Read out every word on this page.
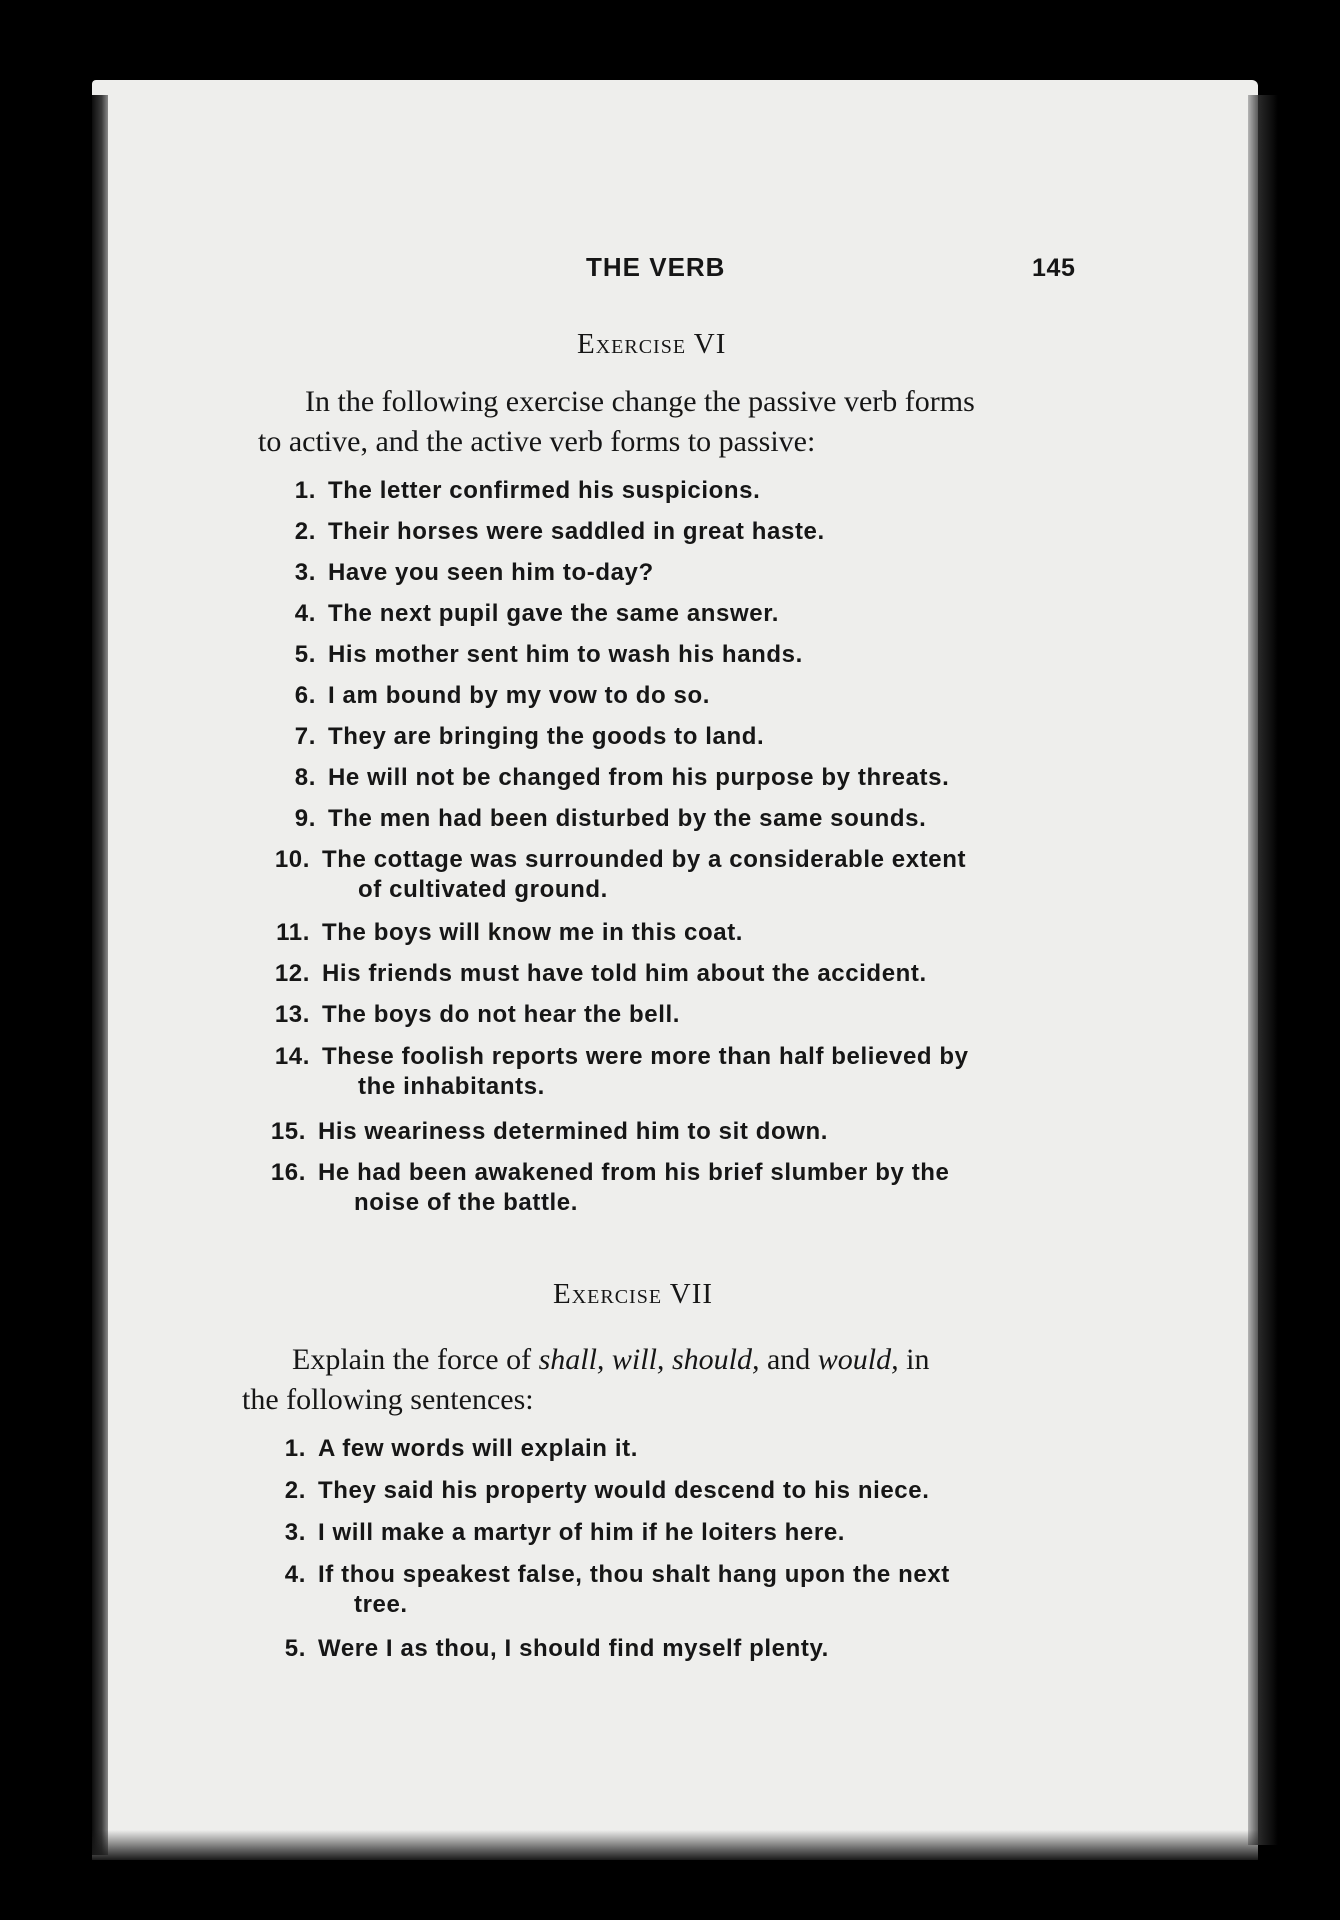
THE VERB	145
Exercise VI
In the following exercise change the passive verb forms
to active, and the active verb forms to passive:
1. The letter confirmed his suspicions.
2. Their horses were saddled in great haste.
3. Have you seen him to-day?
4. The next pupil gave the same answer.
5. His mother sent him to wash his hands.
6. I am bound by my vow to do so.
7. They are bringing the goods to land.
8. He will not be changed from his purpose by threats.
9. The men had been disturbed by the same sounds.
10. The cottage was surrounded by a considerable extent
of cultivated ground.
11. The boys will know me in this coat.
12. His friends must have told him about the accident.
13. The boys do not hear the bell.
14. These foolish reports were more than half believed by
the inhabitants.
15. His weariness determined him to sit down.
16. He had been awakened from his brief slumber by the
noise of the battle.
Exercise VII
Explain the force of shall, will, should, and would, in
the following sentences:
1. A few words will explain it.
2. They said his property would descend to his niece.
3. I will make a martyr of him if he loiters here.
4. If thou speakest false, thou shalt hang upon the next
tree.
5. Were I as thou, I should find myself plenty.
